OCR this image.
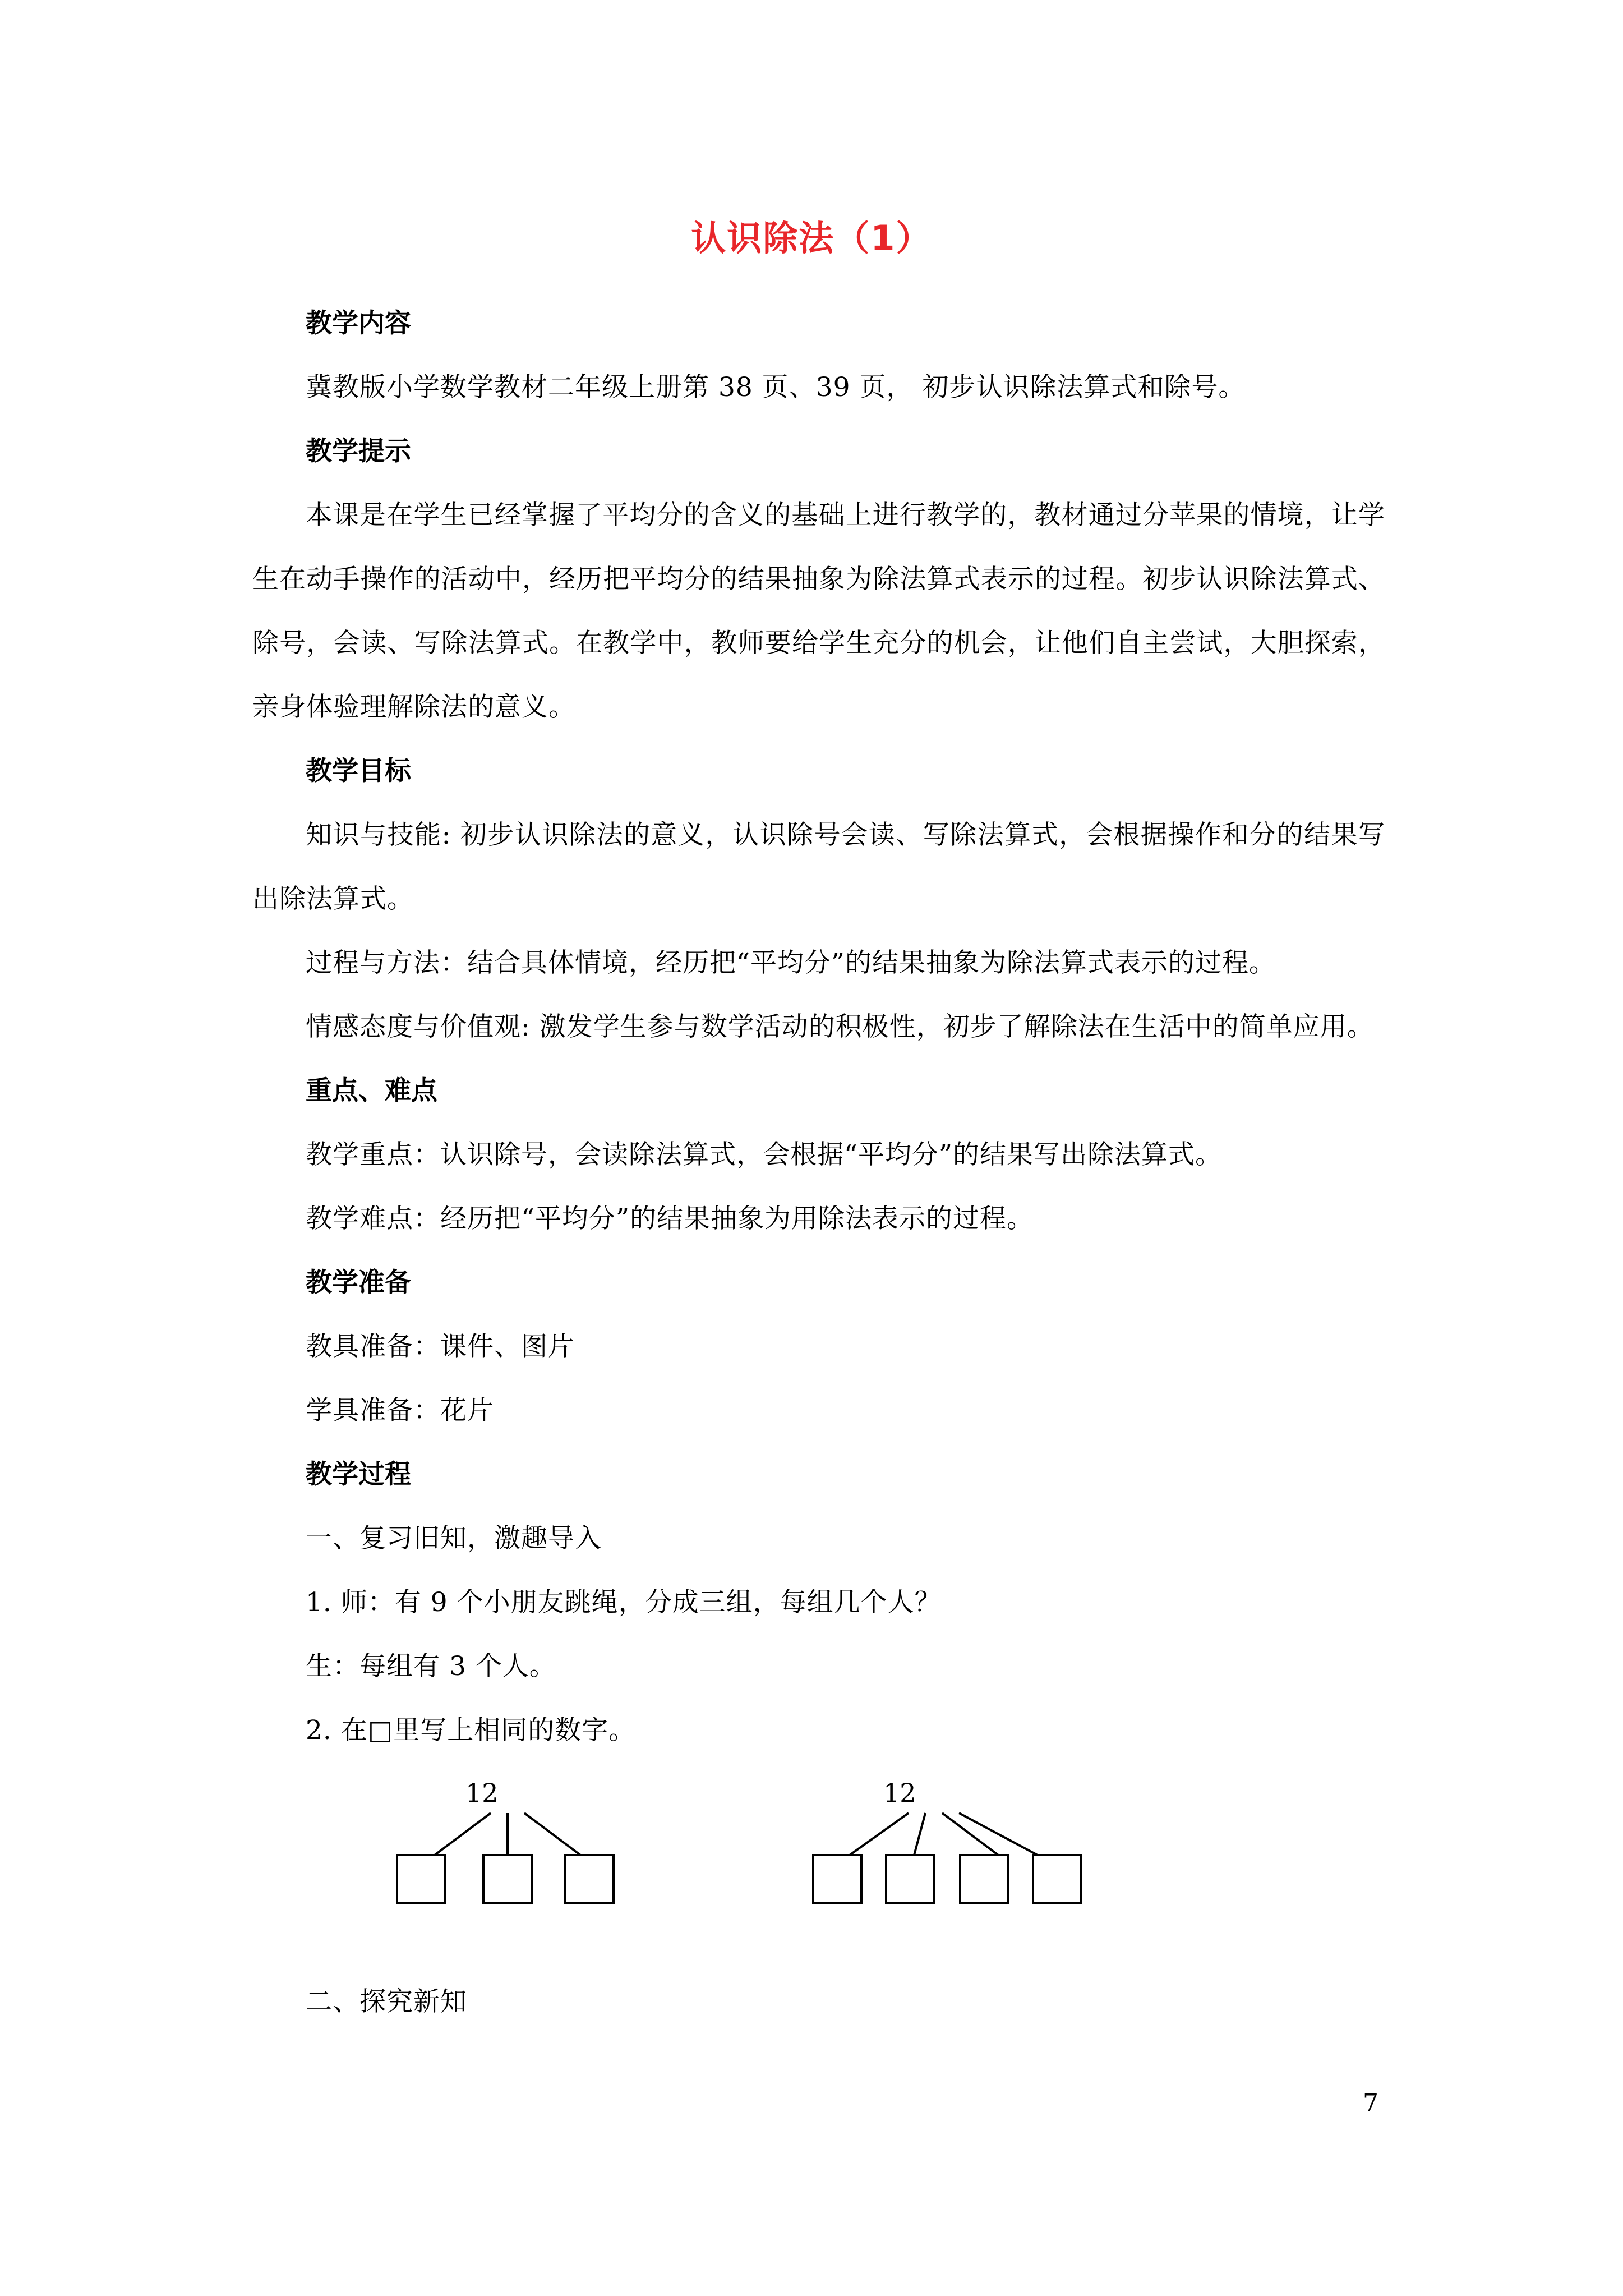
认识除法（1）

教学内容

冀教版小学数学教材二年级上册第 38 页、39 页， 初步认识除法算式和除号。

教学提示

本课是在学生已经掌握了平均分的含义的基础上进行教学的，教材通过分苹果的情境，让学生在动手操作的活动中，经历把平均分的结果抽象为除法算式表示的过程。初步认识除法算式、除号，会读、写除法算式。在教学中，教师要给学生充分的机会，让他们自主尝试，大胆探索，亲身体验理解除法的意义。

教学目标

知识与技能: 初步认识除法的意义，认识除号会读、写除法算式，会根据操作和分的结果写出除法算式。

过程与方法：结合具体情境，经历把“平均分”的结果抽象为除法算式表示的过程。

情感态度与价值观: 激发学生参与数学活动的积极性，初步了解除法在生活中的简单应用。

重点、难点

教学重点：认识除号，会读除法算式，会根据“平均分”的结果写出除法算式。

教学难点：经历把“平均分”的结果抽象为用除法表示的过程。

教学准备

教具准备：课件、图片

学具准备：花片

教学过程

一、复习旧知，激趣导入

1. 师：有 9 个小朋友跳绳，分成三组，每组几个人？

生：每组有 3 个人。

2. 在□里写上相同的数字。

12	12

二、探究新知

7
